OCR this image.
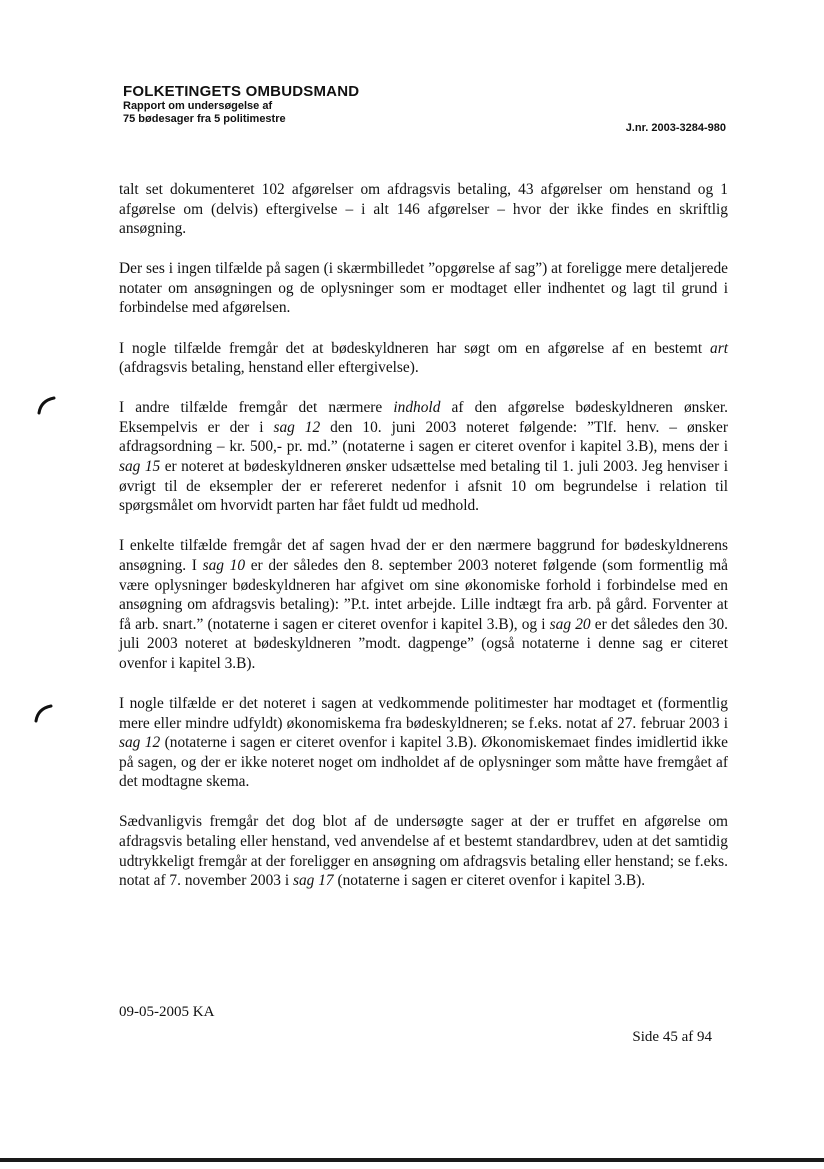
FOLKETINGETS OMBUDSMAND
Rapport om undersøgelse af
75 bødesager fra 5 politimestre
J.nr. 2003-3284-980

talt set dokumenteret 102 afgørelser om afdragsvis betaling, 43 afgørelser om henstand og 1 afgørelse om (delvis) eftergivelse – i alt 146 afgørelser – hvor der ikke findes en skriftlig ansøgning.

Der ses i ingen tilfælde på sagen (i skærmbilledet ”opgørelse af sag”) at foreligge mere detaljerede notater om ansøgningen og de oplysninger som er modtaget eller indhentet og lagt til grund i forbindelse med afgørelsen.

I nogle tilfælde fremgår det at bødeskyldneren har søgt om en afgørelse af en bestemt art (afdragsvis betaling, henstand eller eftergivelse).

I andre tilfælde fremgår det nærmere indhold af den afgørelse bødeskyldneren ønsker. Eksempelvis er der i sag 12 den 10. juni 2003 noteret følgende: ”Tlf. henv. – ønsker afdragsordning – kr. 500,- pr. md.” (notaterne i sagen er citeret ovenfor i kapitel 3.B), mens der i sag 15 er noteret at bødeskyldneren ønsker udsættelse med betaling til 1. juli 2003. Jeg henviser i øvrigt til de eksempler der er refereret nedenfor i afsnit 10 om begrundelse i relation til spørgsmålet om hvorvidt parten har fået fuldt ud medhold.

I enkelte tilfælde fremgår det af sagen hvad der er den nærmere baggrund for bødeskyldnerens ansøgning. I sag 10 er der således den 8. september 2003 noteret følgende (som formentlig må være oplysninger bødeskyldneren har afgivet om sine økonomiske forhold i forbindelse med en ansøgning om afdragsvis betaling): ”P.t. intet arbejde. Lille indtægt fra arb. på gård. Forventer at få arb. snart.” (notaterne i sagen er citeret ovenfor i kapitel 3.B), og i sag 20 er det således den 30. juli 2003 noteret at bødeskyldneren ”modt. dagpenge” (også notaterne i denne sag er citeret ovenfor i kapitel 3.B).

I nogle tilfælde er det noteret i sagen at vedkommende politimester har modtaget et (formentlig mere eller mindre udfyldt) økonomiskema fra bødeskyldneren; se f.eks. notat af 27. februar 2003 i sag 12 (notaterne i sagen er citeret ovenfor i kapitel 3.B). Økonomiskemaet findes imidlertid ikke på sagen, og der er ikke noteret noget om indholdet af de oplysninger som måtte have fremgået af det modtagne skema.

Sædvanligvis fremgår det dog blot af de undersøgte sager at der er truffet en afgørelse om afdragsvis betaling eller henstand, ved anvendelse af et bestemt standardbrev, uden at det samtidig udtrykkeligt fremgår at der foreligger en ansøgning om afdragsvis betaling eller henstand; se f.eks. notat af 7. november 2003 i sag 17 (notaterne i sagen er citeret ovenfor i kapitel 3.B).

09-05-2005 KA
Side 45 af 94
